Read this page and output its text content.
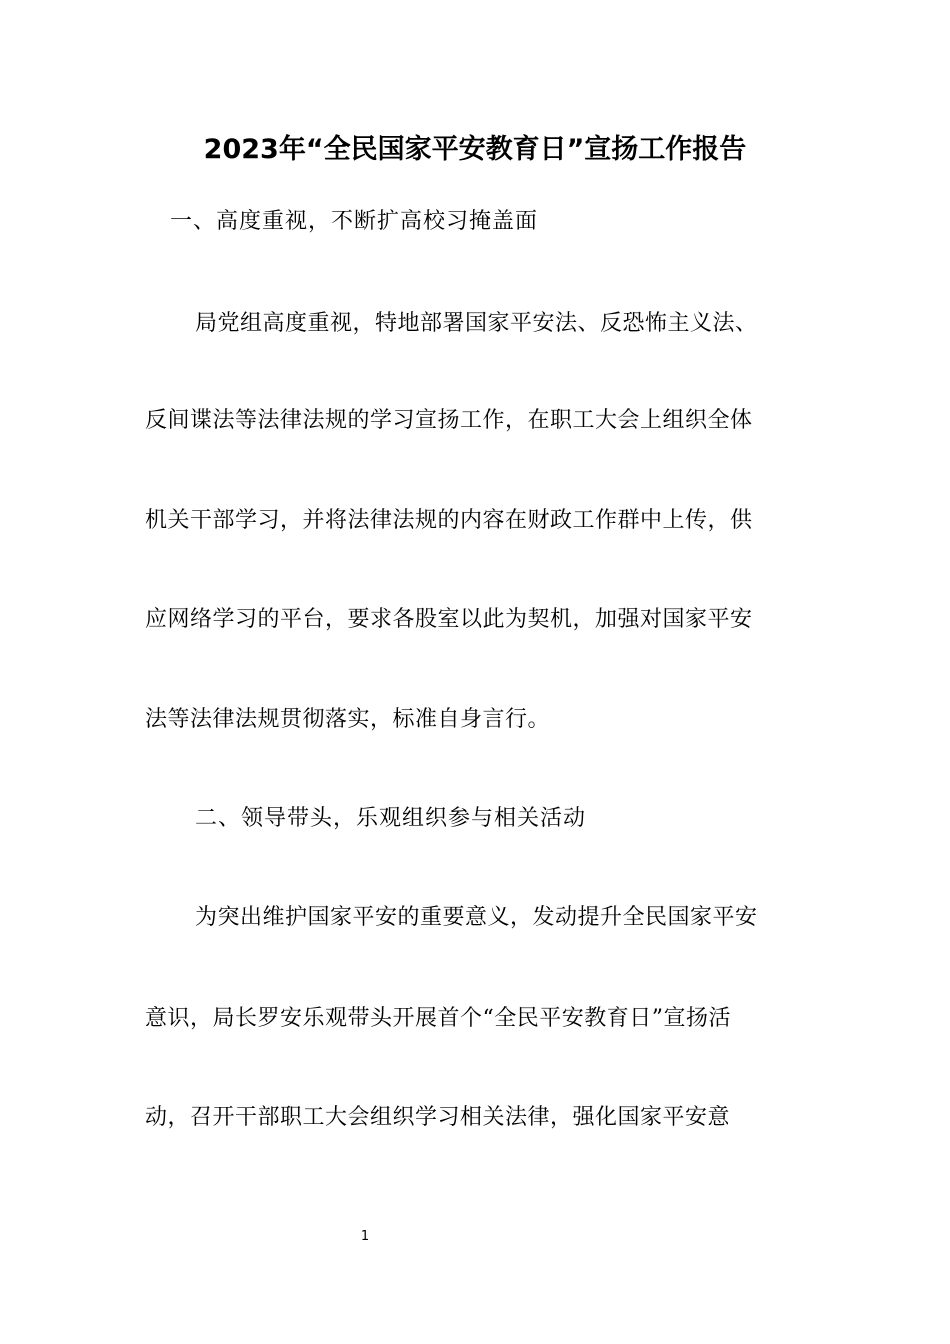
2023年“全民国家平安教育日”宣扬工作报告
一、高度重视，不断扩高校习掩盖面
局党组高度重视，特地部署国家平安法、反恐怖主义法、
反间谍法等法律法规的学习宣扬工作，在职工大会上组织全体
机关干部学习，并将法律法规的内容在财政工作群中上传，供
应网络学习的平台，要求各股室以此为契机，加强对国家平安
法等法律法规贯彻落实，标准自身言行。
二、领导带头，乐观组织参与相关活动
为突出维护国家平安的重要意义，发动提升全民国家平安
意识，局长罗安乐观带头开展首个“全民平安教育日”宣扬活
动，召开干部职工大会组织学习相关法律，强化国家平安意
1
